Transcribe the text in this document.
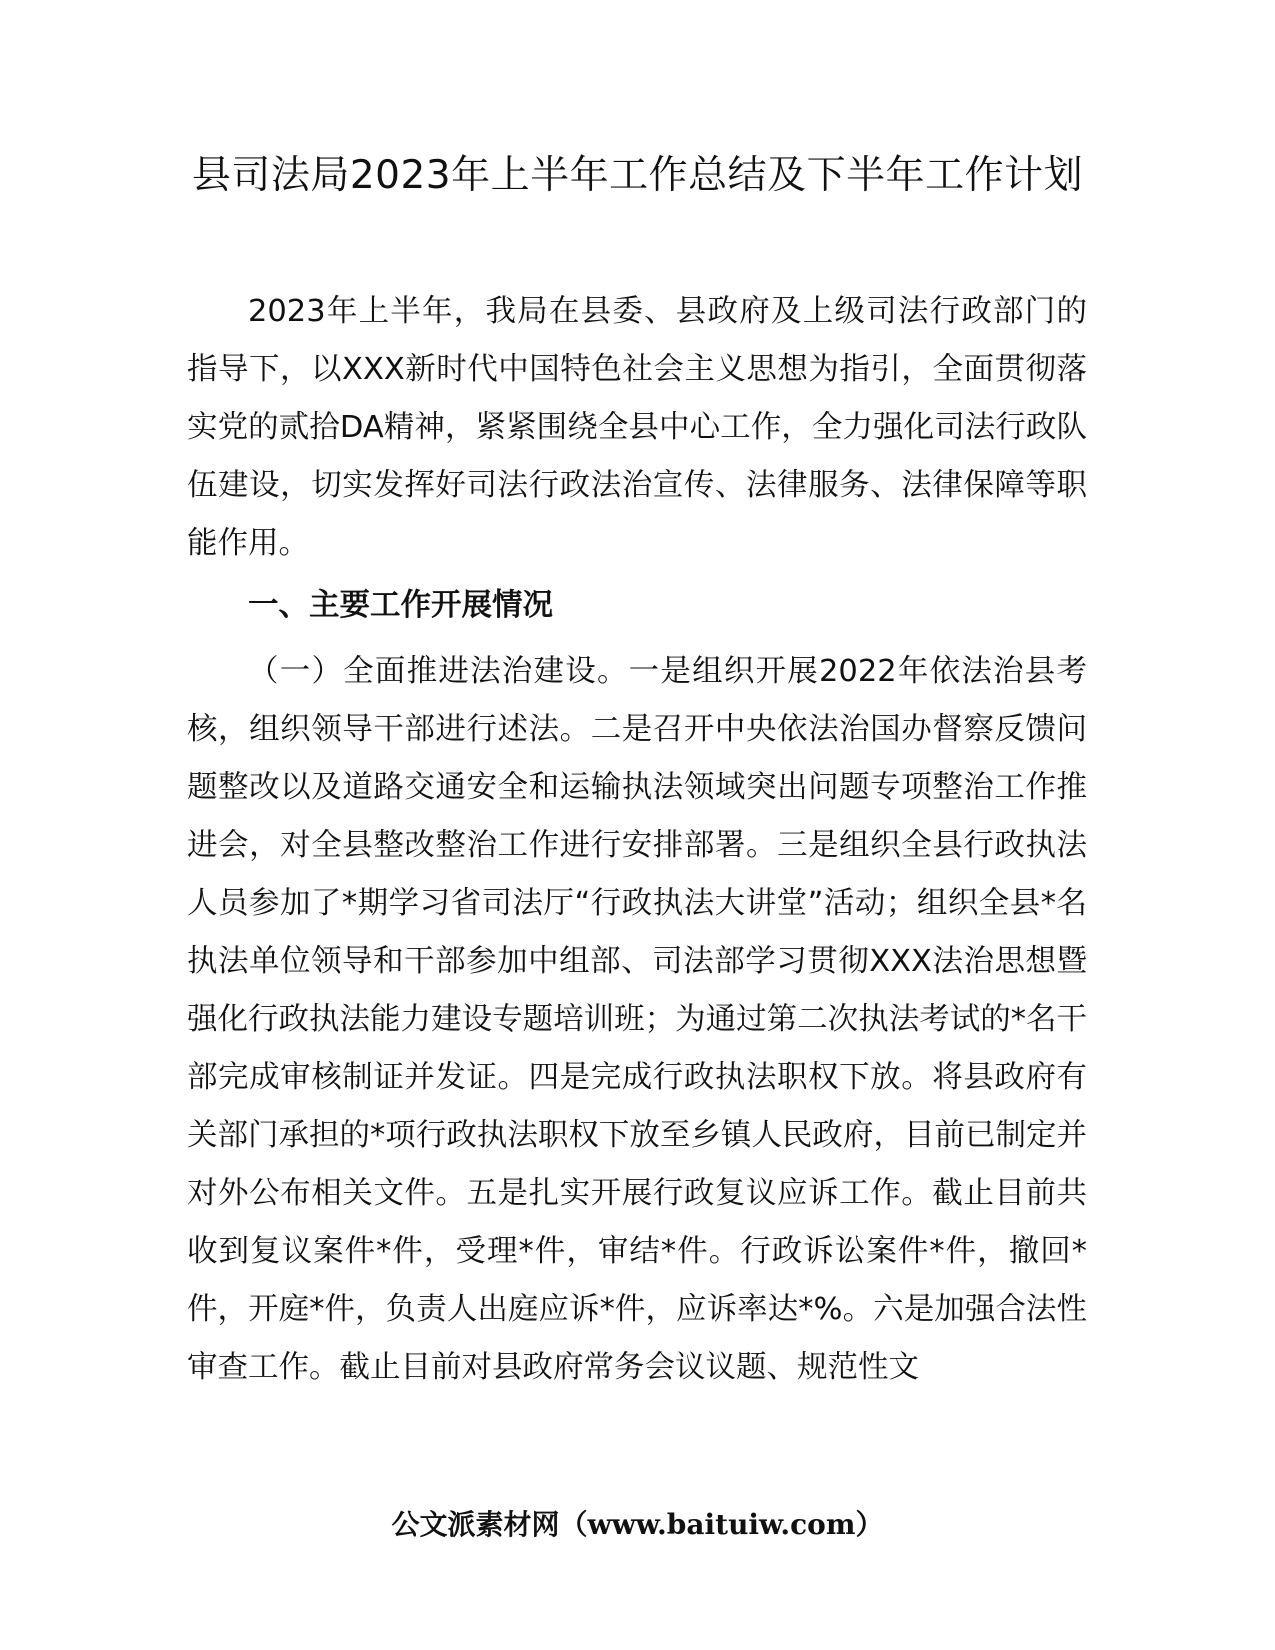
县司法局2023年上半年工作总结及下半年工作计划

2023年上半年，我局在县委、县政府及上级司法行政部门的指导下，以XXX新时代中国特色社会主义思想为指引，全面贯彻落实党的贰拾DA精神，紧紧围绕全县中心工作，全力强化司法行政队伍建设，切实发挥好司法行政法治宣传、法律服务、法律保障等职能作用。

一、主要工作开展情况

（一）全面推进法治建设。一是组织开展2022年依法治县考核，组织领导干部进行述法。二是召开中央依法治国办督察反馈问题整改以及道路交通安全和运输执法领域突出问题专项整治工作推进会，对全县整改整治工作进行安排部署。三是组织全县行政执法人员参加了*期学习省司法厅“行政执法大讲堂”活动；组织全县*名执法单位领导和干部参加中组部、司法部学习贯彻XXX法治思想暨强化行政执法能力建设专题培训班；为通过第二次执法考试的*名干部完成审核制证并发证。四是完成行政执法职权下放。将县政府有关部门承担的*项行政执法职权下放至乡镇人民政府，目前已制定并对外公布相关文件。五是扎实开展行政复议应诉工作。截止目前共收到复议案件*件，受理*件，审结*件。行政诉讼案件*件，撤回*件，开庭*件，负责人出庭应诉*件，应诉率达*%。六是加强合法性审查工作。截止目前对县政府常务会议议题、规范性文

公文派素材网（www.baituiw.com）
